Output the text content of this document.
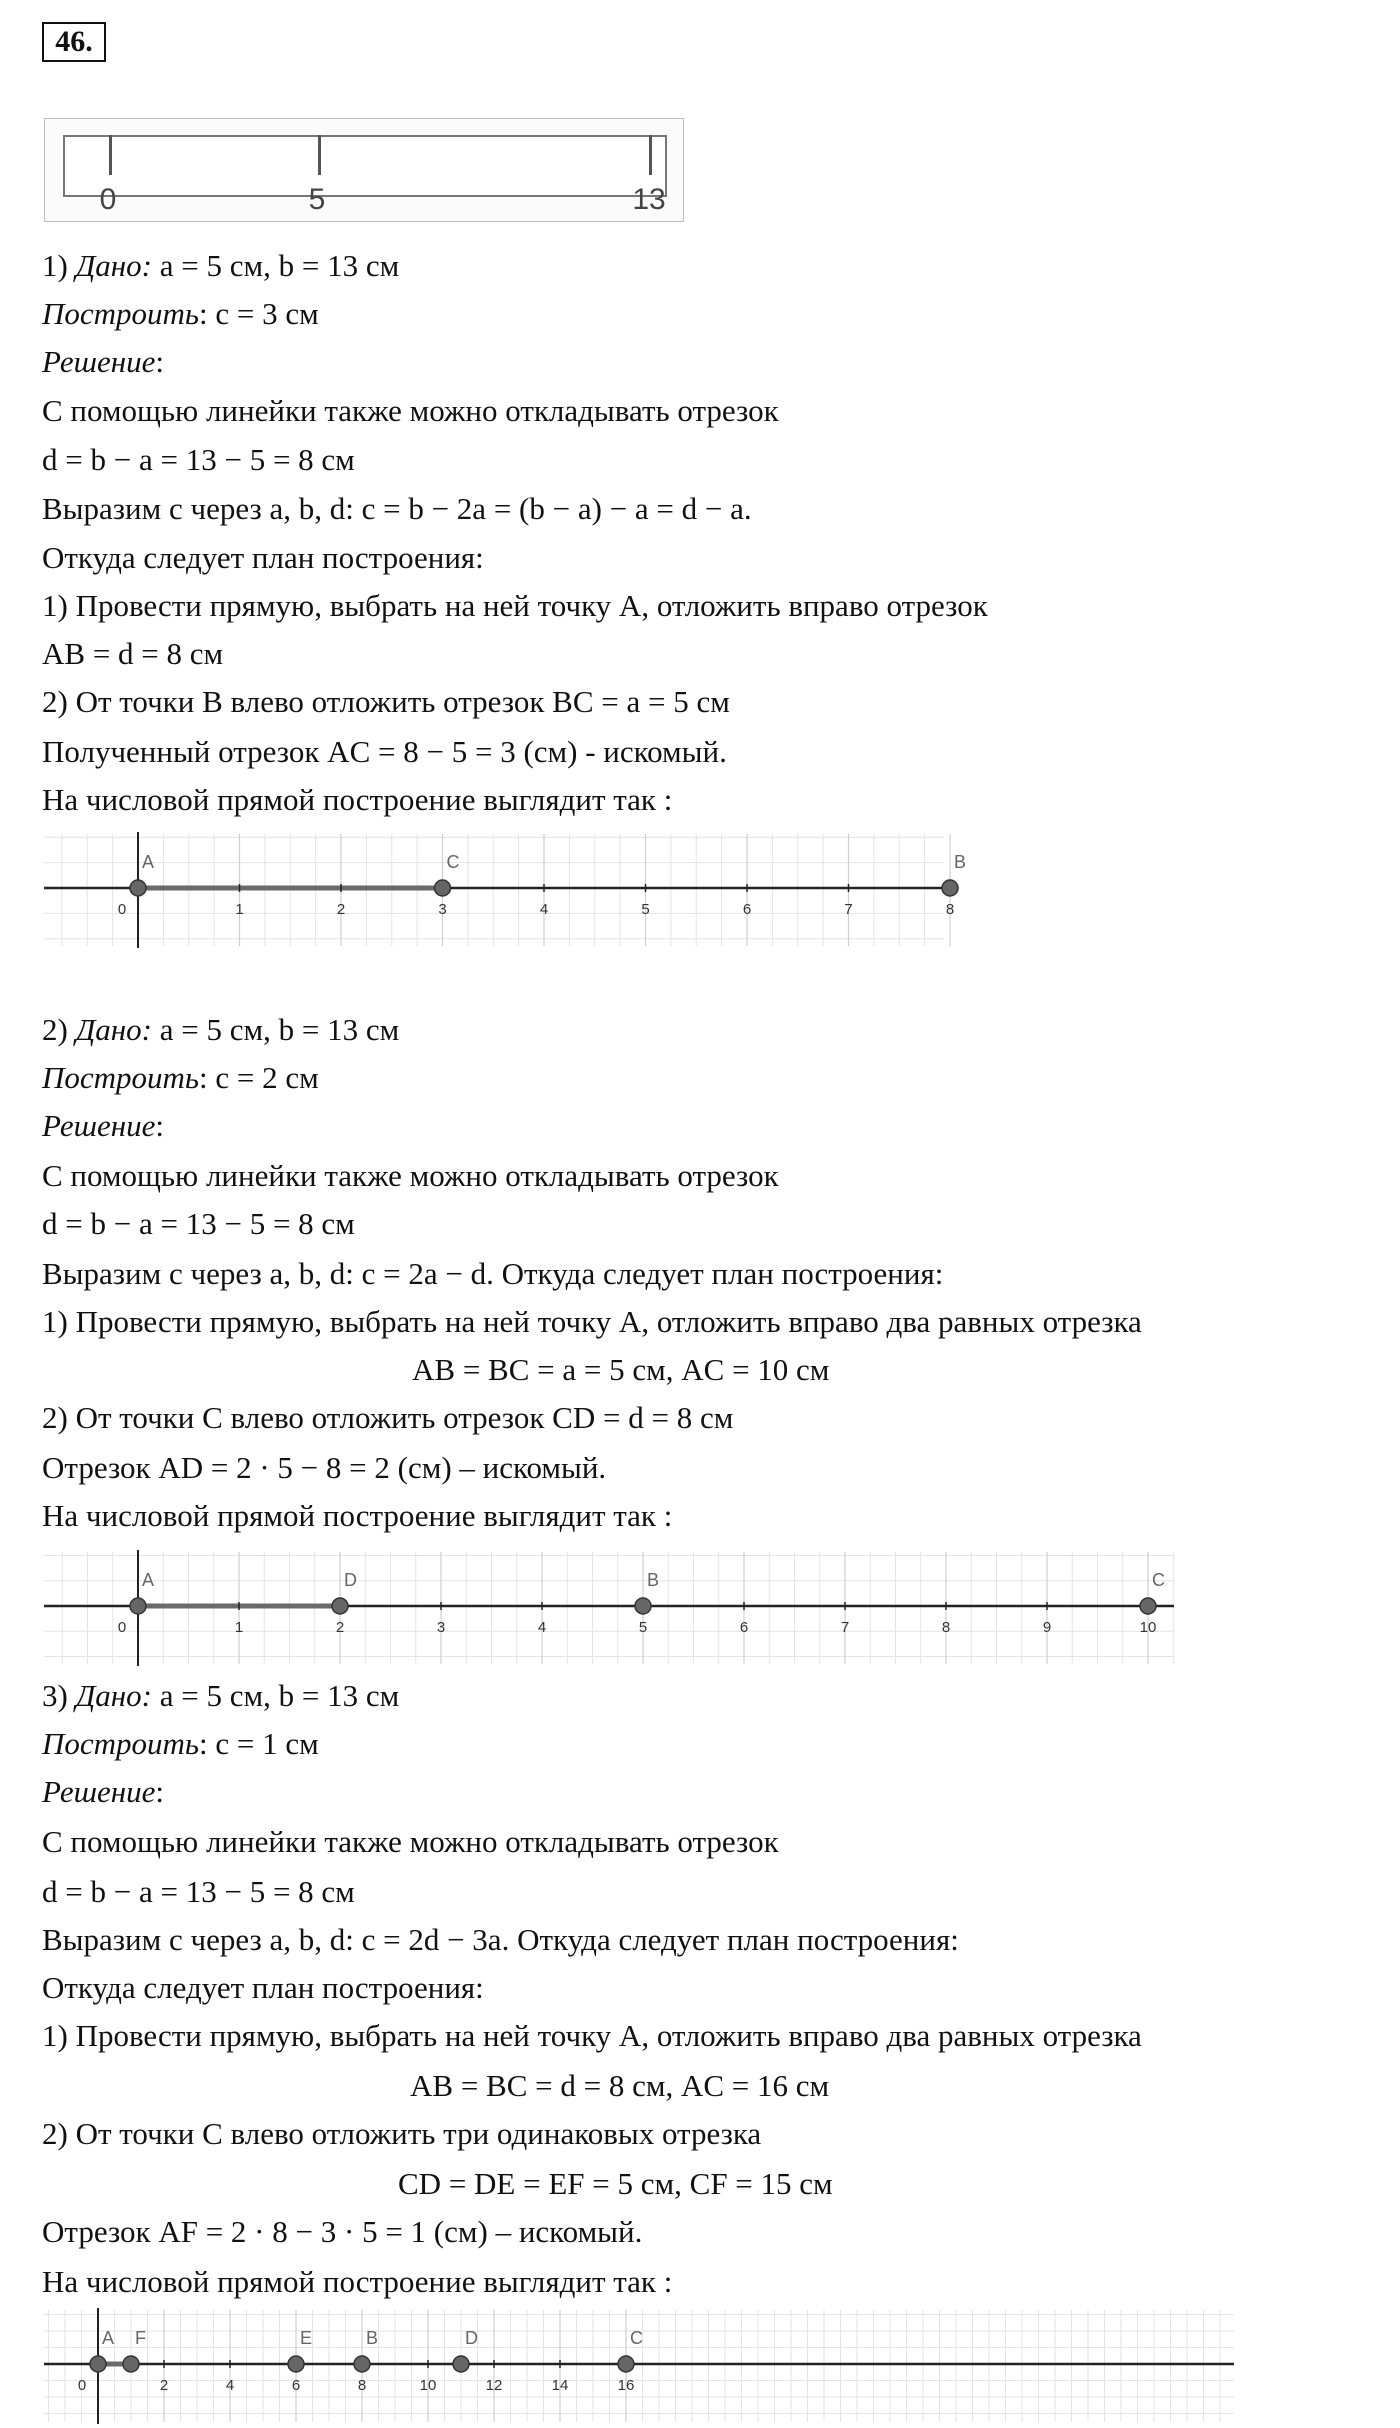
46.
0	5	13
1) Дано: a = 5 см, b = 13 см
Построить: c = 3 см
Решение:
С помощью линейки также можно откладывать отрезок
d = b − a = 13 − 5 = 8 см
Выразим c через a, b, d: c = b − 2a = (b − a) − a = d − a.
Откуда следует план построения:
1) Провести прямую, выбрать на ней точку A, отложить вправо отрезок
AB = d = 8 см
2) От точки B влево отложить отрезок BC = a = 5 см
Полученный отрезок AC = 8 − 5 = 3 (см) - искомый.
На числовой прямой построение выглядит так :
0	1	2	3	4	5	6	7	8
A	C	B
2) Дано: a = 5 см, b = 13 см
Построить: c = 2 см
Решение:
С помощью линейки также можно откладывать отрезок
d = b − a = 13 − 5 = 8 см
Выразим c через a, b, d: c = 2a − d. Откуда следует план построения:
1) Провести прямую, выбрать на ней точку A, отложить вправо два равных отрезка
AB = BC = a = 5 см, AC = 10 см
2) От точки C влево отложить отрезок CD = d = 8 см
Отрезок AD = 2 · 5 − 8 = 2 (см) – искомый.
На числовой прямой построение выглядит так :
0	1	2	3	4	5	6	7	8	9	10
A	D	B	C
3) Дано: a = 5 см, b = 13 см
Построить: c = 1 см
Решение:
С помощью линейки также можно откладывать отрезок
d = b − a = 13 − 5 = 8 см
Выразим c через a, b, d: c = 2d − 3a. Откуда следует план построения:
Откуда следует план построения:
1) Провести прямую, выбрать на ней точку A, отложить вправо два равных отрезка
AB = BC = d = 8 см, AC = 16 см
2) От точки C влево отложить три одинаковых отрезка
CD = DE = EF = 5 см, CF = 15 см
Отрезок AF = 2 · 8 − 3 · 5 = 1 (см) – искомый.
На числовой прямой построение выглядит так :
0	2	4	6	8	10	12	14	16
A F	E	B	D	C
